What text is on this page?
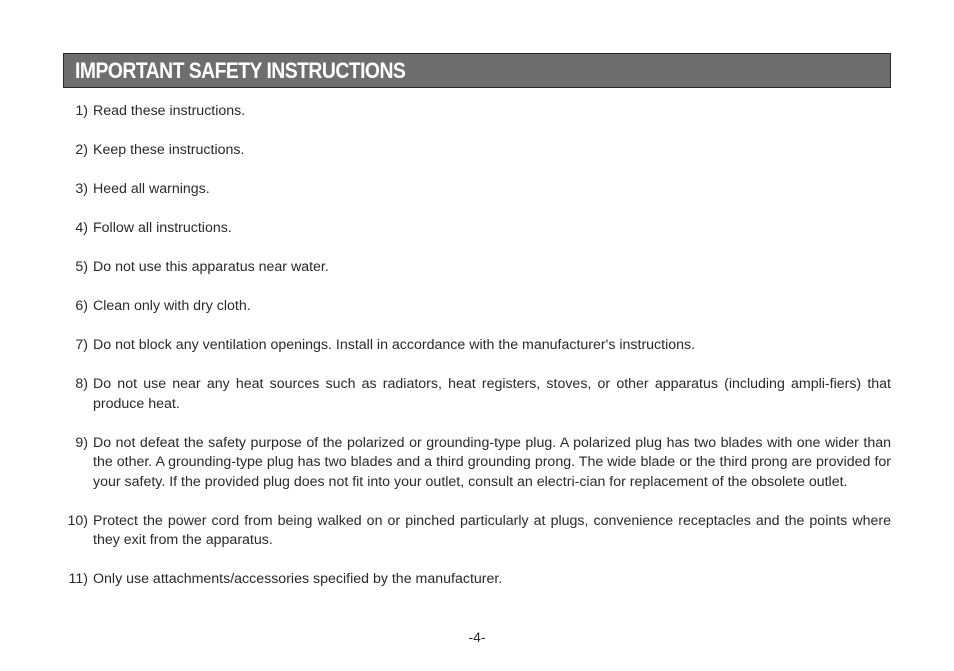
IMPORTANT SAFETY INSTRUCTIONS
1) Read these instructions.
2) Keep these instructions.
3) Heed all warnings.
4) Follow all instructions.
5) Do not use this apparatus near water.
6) Clean only with dry cloth.
7) Do not block any ventilation openings. Install in accordance with the manufacturer's instructions.
8) Do not use near any heat sources such as radiators, heat registers, stoves, or other apparatus (including ampli-fiers) that produce heat.
9) Do not defeat the safety purpose of the polarized or grounding-type plug. A polarized plug has two blades with one wider than the other. A grounding-type plug has two blades and a third grounding prong. The wide blade or the third prong are provided for your safety. If the provided plug does not fit into your outlet, consult an electri-cian for replacement of the obsolete outlet.
10) Protect the power cord from being walked on or pinched particularly at plugs, convenience receptacles and the points where they exit from the apparatus.
11) Only use attachments/accessories specified by the manufacturer.
-4-
